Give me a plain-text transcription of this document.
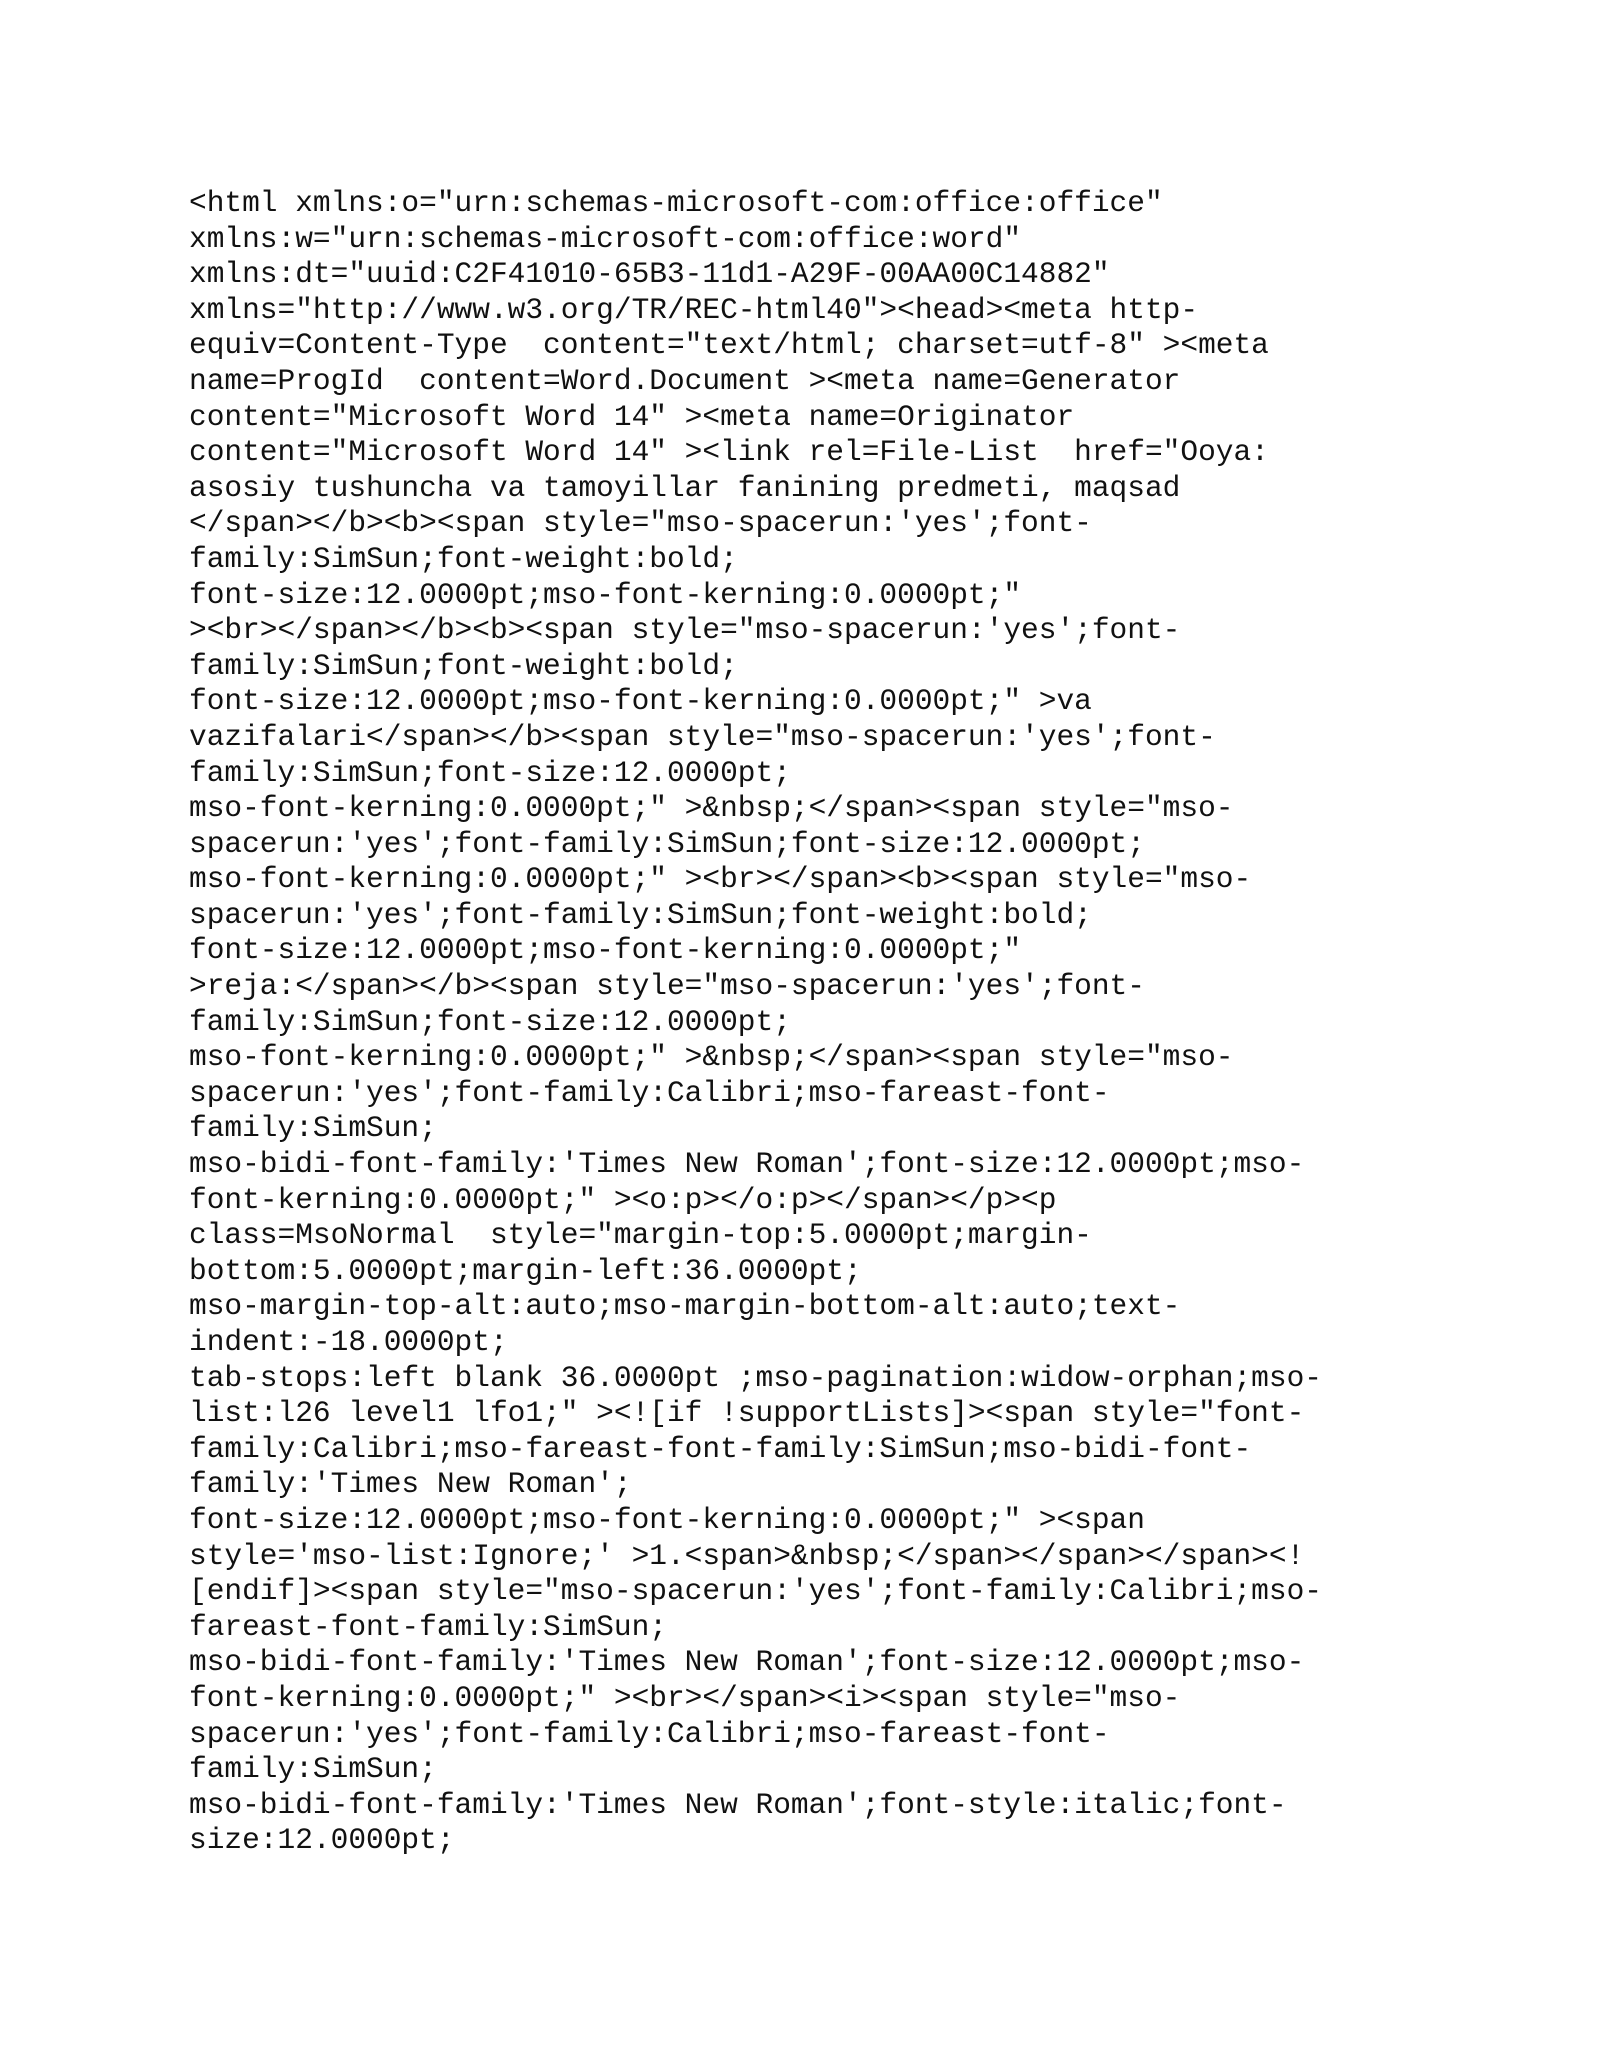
<html xmlns:o="urn:schemas-microsoft-com:office:office"
xmlns:w="urn:schemas-microsoft-com:office:word"
xmlns:dt="uuid:C2F41010-65B3-11d1-A29F-00AA00C14882"
xmlns="http://www.w3.org/TR/REC-html40"><head><meta http-
equiv=Content-Type  content="text/html; charset=utf-8" ><meta
name=ProgId  content=Word.Document ><meta name=Generator
content="Microsoft Word 14" ><meta name=Originator
content="Microsoft Word 14" ><link rel=File-List  href="Ooya:
asosiy tushuncha va tamoyillar fanining predmeti, maqsad
</span></b><b><span style="mso-spacerun:'yes';font-
family:SimSun;font-weight:bold;
font-size:12.0000pt;mso-font-kerning:0.0000pt;"
><br></span></b><b><span style="mso-spacerun:'yes';font-
family:SimSun;font-weight:bold;
font-size:12.0000pt;mso-font-kerning:0.0000pt;" >va
vazifalari</span></b><span style="mso-spacerun:'yes';font-
family:SimSun;font-size:12.0000pt;
mso-font-kerning:0.0000pt;" >&nbsp;</span><span style="mso-
spacerun:'yes';font-family:SimSun;font-size:12.0000pt;
mso-font-kerning:0.0000pt;" ><br></span><b><span style="mso-
spacerun:'yes';font-family:SimSun;font-weight:bold;
font-size:12.0000pt;mso-font-kerning:0.0000pt;"
>reja:</span></b><span style="mso-spacerun:'yes';font-
family:SimSun;font-size:12.0000pt;
mso-font-kerning:0.0000pt;" >&nbsp;</span><span style="mso-
spacerun:'yes';font-family:Calibri;mso-fareast-font-
family:SimSun;
mso-bidi-font-family:'Times New Roman';font-size:12.0000pt;mso-
font-kerning:0.0000pt;" ><o:p></o:p></span></p><p
class=MsoNormal  style="margin-top:5.0000pt;margin-
bottom:5.0000pt;margin-left:36.0000pt;
mso-margin-top-alt:auto;mso-margin-bottom-alt:auto;text-
indent:-18.0000pt;
tab-stops:left blank 36.0000pt ;mso-pagination:widow-orphan;mso-
list:l26 level1 lfo1;" ><![if !supportLists]><span style="font-
family:Calibri;mso-fareast-font-family:SimSun;mso-bidi-font-
family:'Times New Roman';
font-size:12.0000pt;mso-font-kerning:0.0000pt;" ><span
style='mso-list:Ignore;' >1.<span>&nbsp;</span></span></span><!
[endif]><span style="mso-spacerun:'yes';font-family:Calibri;mso-
fareast-font-family:SimSun;
mso-bidi-font-family:'Times New Roman';font-size:12.0000pt;mso-
font-kerning:0.0000pt;" ><br></span><i><span style="mso-
spacerun:'yes';font-family:Calibri;mso-fareast-font-
family:SimSun;
mso-bidi-font-family:'Times New Roman';font-style:italic;font-
size:12.0000pt;
